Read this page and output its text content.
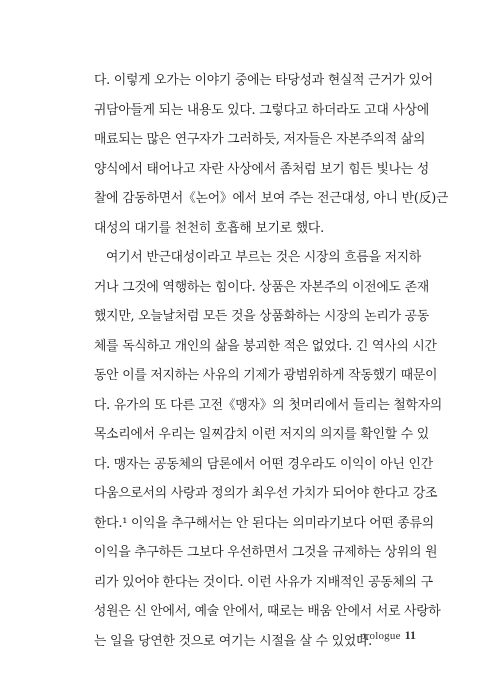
다. 이렇게 오가는 이야기 중에는 타당성과 현실적 근거가 있어
귀담아들게 되는 내용도 있다. 그렇다고 하더라도 고대 사상에
매료되는 많은 연구자가 그러하듯, 저자들은 자본주의적 삶의
양식에서 태어나고 자란 사상에서 좀처럼 보기 힘든 빛나는 성
찰에 감동하면서《논어》에서 보여 주는 전근대성, 아니 반(反)근
대성의 대기를 천천히 호흡해 보기로 했다.
여기서 반근대성이라고 부르는 것은 시장의 흐름을 저지하
거나 그것에 역행하는 힘이다. 상품은 자본주의 이전에도 존재
했지만, 오늘날처럼 모든 것을 상품화하는 시장의 논리가 공동
체를 독식하고 개인의 삶을 붕괴한 적은 없었다. 긴 역사의 시간
동안 이를 저지하는 사유의 기제가 광범위하게 작동했기 때문이
다. 유가의 또 다른 고전《맹자》의 첫머리에서 들리는 철학자의
목소리에서 우리는 일찌감치 이런 저지의 의지를 확인할 수 있
다. 맹자는 공동체의 담론에서 어떤 경우라도 이익이 아닌 인간
다움으로서의 사랑과 정의가 최우선 가치가 되어야 한다고 강조
한다.¹ 이익을 추구해서는 안 된다는 의미라기보다 어떤 종류의
이익을 추구하든 그보다 우선하면서 그것을 규제하는 상위의 원
리가 있어야 한다는 것이다. 이런 사유가 지배적인 공동체의 구
성원은 신 안에서, 예술 안에서, 때로는 배움 안에서 서로 사랑하
는 일을 당연한 것으로 여기는 시절을 살 수 있었다.
prologue 11
